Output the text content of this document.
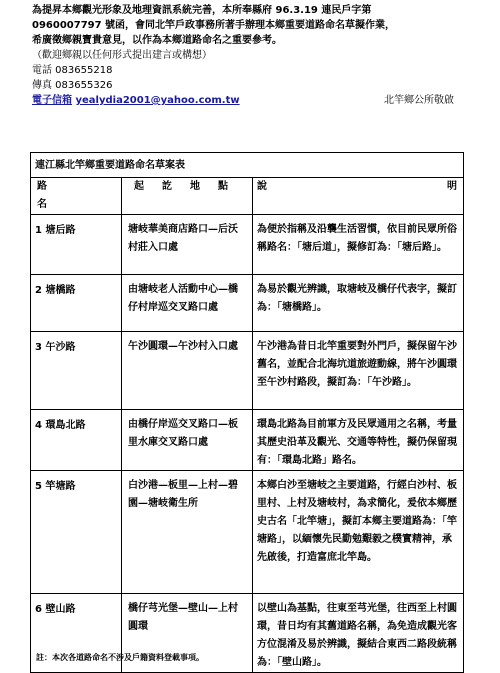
為提昇本鄉觀光形象及地理資訊系統完善，本所奉縣府 96.3.19 連民戶字第

0960007797 號函，會同北竿戶政事務所著手辦理本鄉重要道路命名草擬作業，

希廣徵鄉親寶貴意見，以作為本鄉道路命名之重要參考。

（歡迎鄉親以任何形式提出建言或構想）

電話 083655218

傳真 083655326

電子信箱 yealydia2001@yahoo.com.tw	北竿鄉公所敬啟
連江縣北竿鄉重要道路命名草案表		
路名	起訖地點	說 明

1 塘后路	塘岐華美商店路口—后沃村莊入口處	為便於指稱及沿襲生活習慣，依目前民眾所俗稱路名：「塘后道」，擬修訂為：「塘后路」。
2 塘橋路	由塘岐老人活動中心—橋仔村岸巡交叉路口處	為易於觀光辨識，取塘岐及橋仔代表字，擬訂為：「塘橋路」。
3 午沙路	午沙圓環—午沙村入口處	午沙港為昔日北竿重要對外門戶，擬保留午沙舊名，並配合北海坑道旅遊動線，將午沙圓環至午沙村路段，擬訂為：「午沙路」。
4 環島北路	由橋仔岸巡交叉路口—板里水庫交叉路口處	環島北路為目前軍方及民眾通用之名稱，考量其歷史沿革及觀光、交通等特性，擬仍保留現有：「環島北路」路名。
5 竿塘路	白沙港—板里—上村—碧園—塘岐衛生所	本鄉白沙至塘岐之主要道路，行經白沙村、板里村、上村及塘岐村，為求簡化，爰依本鄉歷史古名「北竿塘」，擬訂本鄉主要道路為：「竿塘路」，以緬懷先民勤勉艱毅之樸實精神，承先啟後，打造富庶北竿島。
6 壁山路	橋仔芎光堡—壁山—上村圓環	以壁山為基點，往東至芎光堡，往西至上村圓環，昔日均有其舊道路名稱，為免造成觀光客方位混淆及易於辨識，擬結合東西二路段統稱為：「壁山路」。
註：本次各道路命名不涉及戶籍資料登載事項。
